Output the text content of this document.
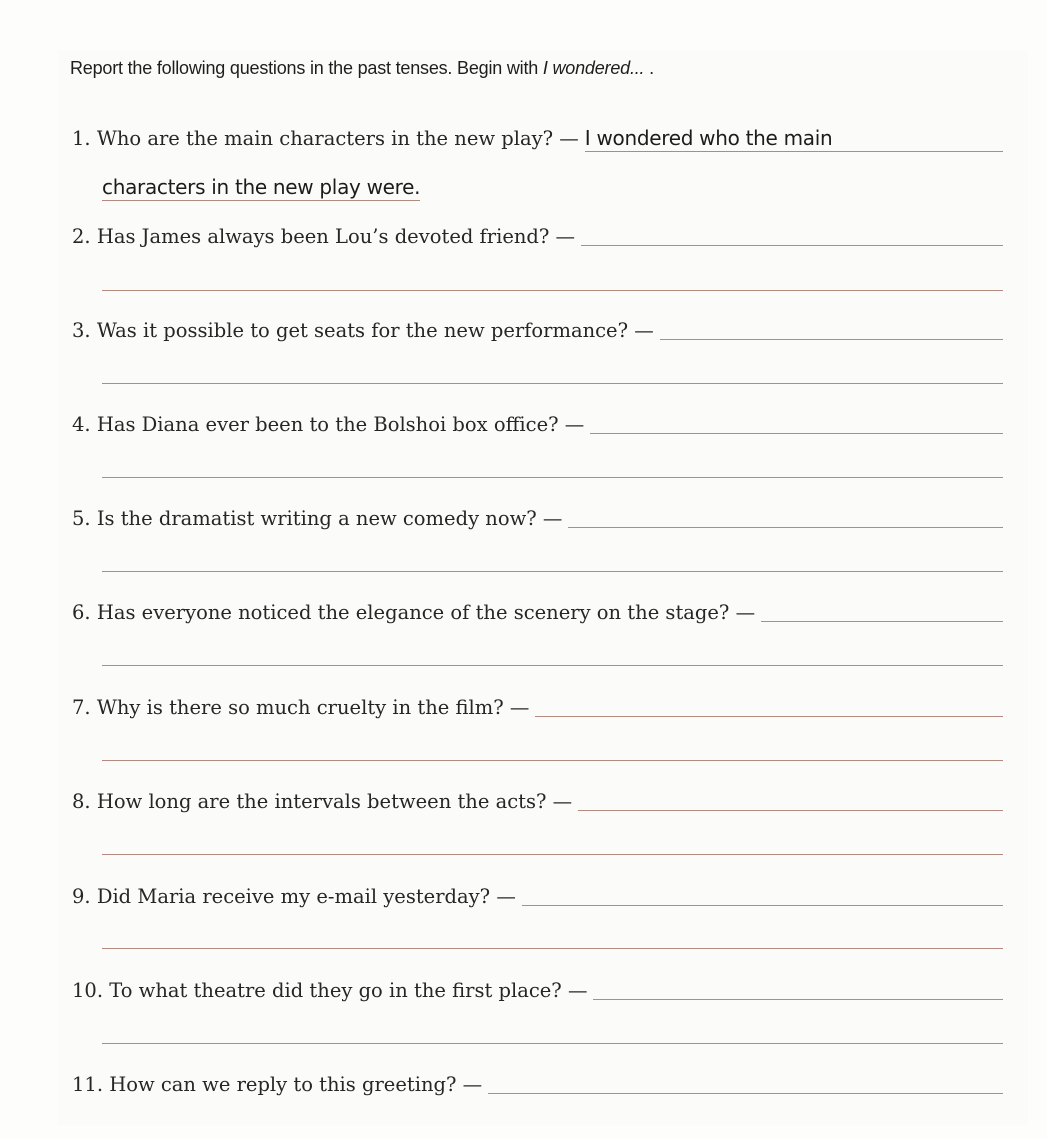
Report the following questions in the past tenses. Begin with I wondered... .
1. Who are the main characters in the new play? — I wondered who the main
characters in the new play were.
2. Has James always been Lou’s devoted friend? —
3. Was it possible to get seats for the new performance? —
4. Has Diana ever been to the Bolshoi box office? —
5. Is the dramatist writing a new comedy now? —
6. Has everyone noticed the elegance of the scenery on the stage? —
7. Why is there so much cruelty in the film? —
8. How long are the intervals between the acts? —
9. Did Maria receive my e-mail yesterday? —
10. To what theatre did they go in the first place? —
11. How can we reply to this greeting? —
